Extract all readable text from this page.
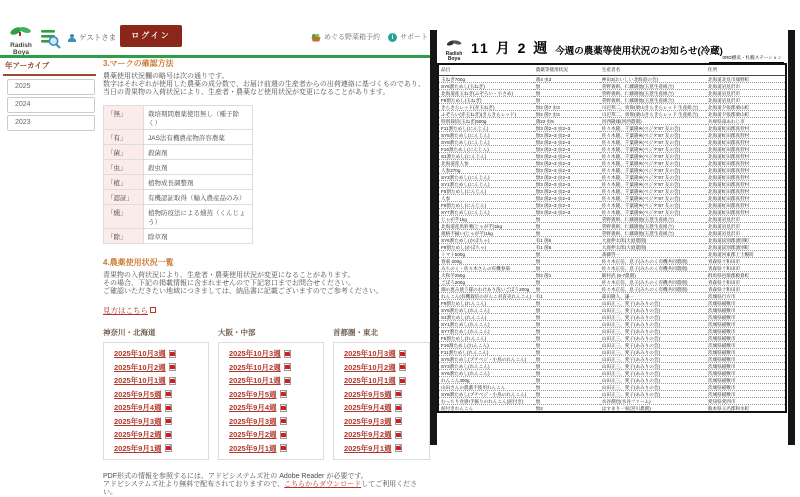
Radish
Boya
ゲストさま	ログイン	めぐる野菜箱予約 i	サポート
年アーカイブ
2025
2024
2023
3.マークの確認方法

農薬使用状況欄の略号は次の通りです。

数字はそれぞれが使用した農薬の成分数で、お届け前週の生産者からの出荷連絡に基づくものであり、

当日の青果物の入荷状況により、生産者・農薬など使用状況が変更になることがあります。

「無」	栽培期間農薬使用無し（種子除く）
「有」	JAS法有機農産物許容農薬
「菌」	殺菌剤
「虫」	殺虫剤
「植」	植物成長調整剤
「認証」	有機認証取得（輸入農産品のみ）
「燻」	植物防疫法による燻蒸（くんじょう）
「除」	除草剤
4.農薬使用状況一覧

青果物の入荷状況により、生産者・農薬使用状況が変更になることがあります。

その場合、下記の掲載情報に含まれませんので下記窓口までお問合せください。

ご確認いただきたい地域につきましては、納品書に記載ございますのでご参考ください。

見方はこちら
神奈川・北海道
2025年10月3週
2025年10月2週
2025年10月1週
2025年9月5週
2025年9月4週
2025年9月3週
2025年9月2週
2025年9月1週
大阪・中部
2025年10月3週
2025年10月2週
2025年10月1週
2025年9月5週
2025年9月4週
2025年9月3週
2025年9月2週
2025年9月1週
首都圏・東北
2025年10月3週
2025年10月2週
2025年10月1週
2025年9月5週
2025年9月4週
2025年9月3週
2025年9月2週
2025年9月1週

PDF形式の情報を参照するには、アドビシステムズ社の Adobe Reader が必要です。

アドビシステムズ社より無料で配布されておりますので、こちらからダウンロードしてご利用ください。

Radish
Boya
11 月 2 週 今週の農薬等使用状況のお知らせ(冷蔵)
0RD横浜・札幌ステーション
品目	農薬等使用状況	生産者名	住所
玉ねぎ700g	菌4 虫3	神田3(おいしい北海道の会)	北海道北見市端野町
SY6割ためし(玉ねぎ)	無	菅野義則、仁藤隆他(玉葱生産組合)	北海道岩見沢市
北海道産玉ねぎ(ふぞろい・小さめ)	無	菅野義則、仁藤隆他(玉葱生産組合)	北海道岩見沢市
F9割ためし(玉ねぎ)	無	菅野義則、仁藤隆他(玉葱生産組合)	北海道岩見沢市
きらきらレッド(赤玉ねぎ)	無2 菌7 虫3	川辺邦二、勇偉(栗山きらきらレッド 生産組合)	北海道夕張郡栗山町
ふぞろい(赤玉ねぎ)(きらきらレッド)	無2 菌7 虫3	川辺邦二、勇偉(栗山きらきらレッド 生産組合)	北海道夕張郡栗山町
特別栽培(玉ねぎ)500g	菌22 虫5	河西隆雄(河西農園)	兵庫県南あわじ市
F11割ためし(にんじん)	無3 菌2~3 虫2~3	佐々木隆、千葉隆※(ベジタ'87 友の会)	北海道虻田郡真狩村
SY5割ためし(にんじん)	無3 菌2~3 虫2~3	佐々木隆、千葉隆※(ベジタ'87 友の会)	北海道虻田郡真狩村
SY8割ためし(にんじん)	無3 菌2~3 虫2~3	佐々木隆、千葉隆※(ベジタ'87 友の会)	北海道虻田郡真狩村
F16割ためし(にんじん)	無3 菌2~3 虫2~3	佐々木隆、千葉隆※(ベジタ'87 友の会)	北海道虻田郡真狩村
S1割ためし(にんじん)	無3 菌2~3 虫2~3	佐々木隆、千葉隆※(ベジタ'87 友の会)	北海道虻田郡真狩村
北海道産人参	無3 菌2~3 虫2~3	佐々木隆、千葉隆※(ベジタ'87 友の会)	北海道虻田郡真狩村
人参270g	無3 菌2~3 虫2~3	佐々木隆、千葉隆※(ベジタ'87 友の会)	北海道虻田郡真狩村
SY3割ためし(にんじん)	無3 菌2~3 虫2~3	佐々木隆、千葉隆※(ベジタ'87 友の会)	北海道虻田郡真狩村
SY1割ためし(にんじん)	無3 菌2~3 虫2~3	佐々木隆、千葉隆※(ベジタ'87 友の会)	北海道虻田郡真狩村
F5割ためし(にんじん)	無3 菌2~3 虫2~3	佐々木隆、千葉隆※(ベジタ'87 友の会)	北海道虻田郡真狩村
人参	無3 菌2~3 虫2~3	佐々木隆、千葉隆※(ベジタ'87 友の会)	北海道虻田郡真狩村
F9割ためし(にんじん)	無3 菌2~3 虫2~3	佐々木隆、千葉隆※(ベジタ'87 友の会)	北海道虻田郡真狩村
SY7割ためし(にんじん)	無3 菌2~3 虫2~3	佐々木隆、千葉隆※(ベジタ'87 友の会)	北海道虻田郡真狩村
じゃが芋1kg	無	菅野義則、仁藤隆他(玉葱生産組合)	北海道岩見沢市
北海道産馬鈴薯(じゃが芋)1kg	無	菅野義則、仁藤隆他(玉葱生産組合)	北海道岩見沢市
規格不揃い(じゃが芋)1kg	無	菅野義則、仁藤隆他(玉葱生産組合)	北海道岩見沢市
SY6割ためし(かぼちゃ)	有1 菌6	大庭伸太郎(大庭農園)	北海道紋別郡湧別町
F9割ためし(かぼちゃ)	有1 菌6	大庭伸太郎(大庭農園)	北海道紋別郡湧別町
トマト500g	無	斎藤啓一	北海道河東郡上士幌町
春菊 200g	無	佐々木正信、息子(みちのく有機共同農園)	青森県十和田市
みちのく・佐々木さんの有機春菊	無	佐々木正信、息子(みちのく有機共同農園)	青森県十和田市
大和芋250g	無2 菌1	飯村武 (6-7農園)	群馬県邑楽郡板倉町
ごぼう200g	無	佐々木正信、息子(みちのく有機共同農園)	青森県十和田市
畑の恵み使う隊のわけあり洗いごぼう200g	無	佐々木正信、息子(みちのく有機共同農園)	青森県十和田市
れんこん(有機栽培のがんこ君直売れんこん)	有1	森田隆人、謙一	茨城県行方市
F9割ためし(れんこん)	無	山田正三、愛子(あみりの会)	茨城県稲敷市
SY5割ためし(れんこん)	無	山田正三、愛子(あみりの会)	茨城県稲敷市
S1割ためし(れんこん)	無	山田正三、愛子(あみりの会)	茨城県稲敷市
SY1割ためし(れんこん)	無	山田正三、愛子(あみりの会)	茨城県稲敷市
SY7割ためし(れんこん)	無	山田正三、愛子(あみりの会)	茨城県稲敷市
F5割ためし(れんこん)	無	山田正三、愛子(あみりの会)	茨城県稲敷市
F16割ためし(れんこん)	無	山田正三、愛子(あみりの会)	茨城県稲敷市
F11割ためし(れんこん)	無	山田正三、愛子(あみりの会)	茨城県稲敷市
SY5割ためし(プチベジ・小鳥のれんこん)	無	山田正三、愛子(あみりの会)	茨城県稲敷市
SY3割ためし(れんこん)	無	山田正三、愛子(あみりの会)	茨城県稲敷市
SY6割ためし(れんこん)	無	山田正三、愛子(あみりの会)	茨城県稲敷市
れんこん300g	無	山田正三、愛子(あみりの会)	茨城県稲敷市
山田さんの農薬不使用れんこん	無	山田正三、愛子(あみりの会)	茨城県稲敷市
SY6割ためし(プチベジ・小鳥のれんこん)	無	山田正三、愛子(あみりの会)	茨城県稲敷市
むっちり食感!手掘りのれんこん(泥付き)	無	水谷潤也(水谷ファーム)	愛知県愛西市
泥付きれんこん	無2	はすまり一家(宮川農園)	熊本県玉名郡和水町
